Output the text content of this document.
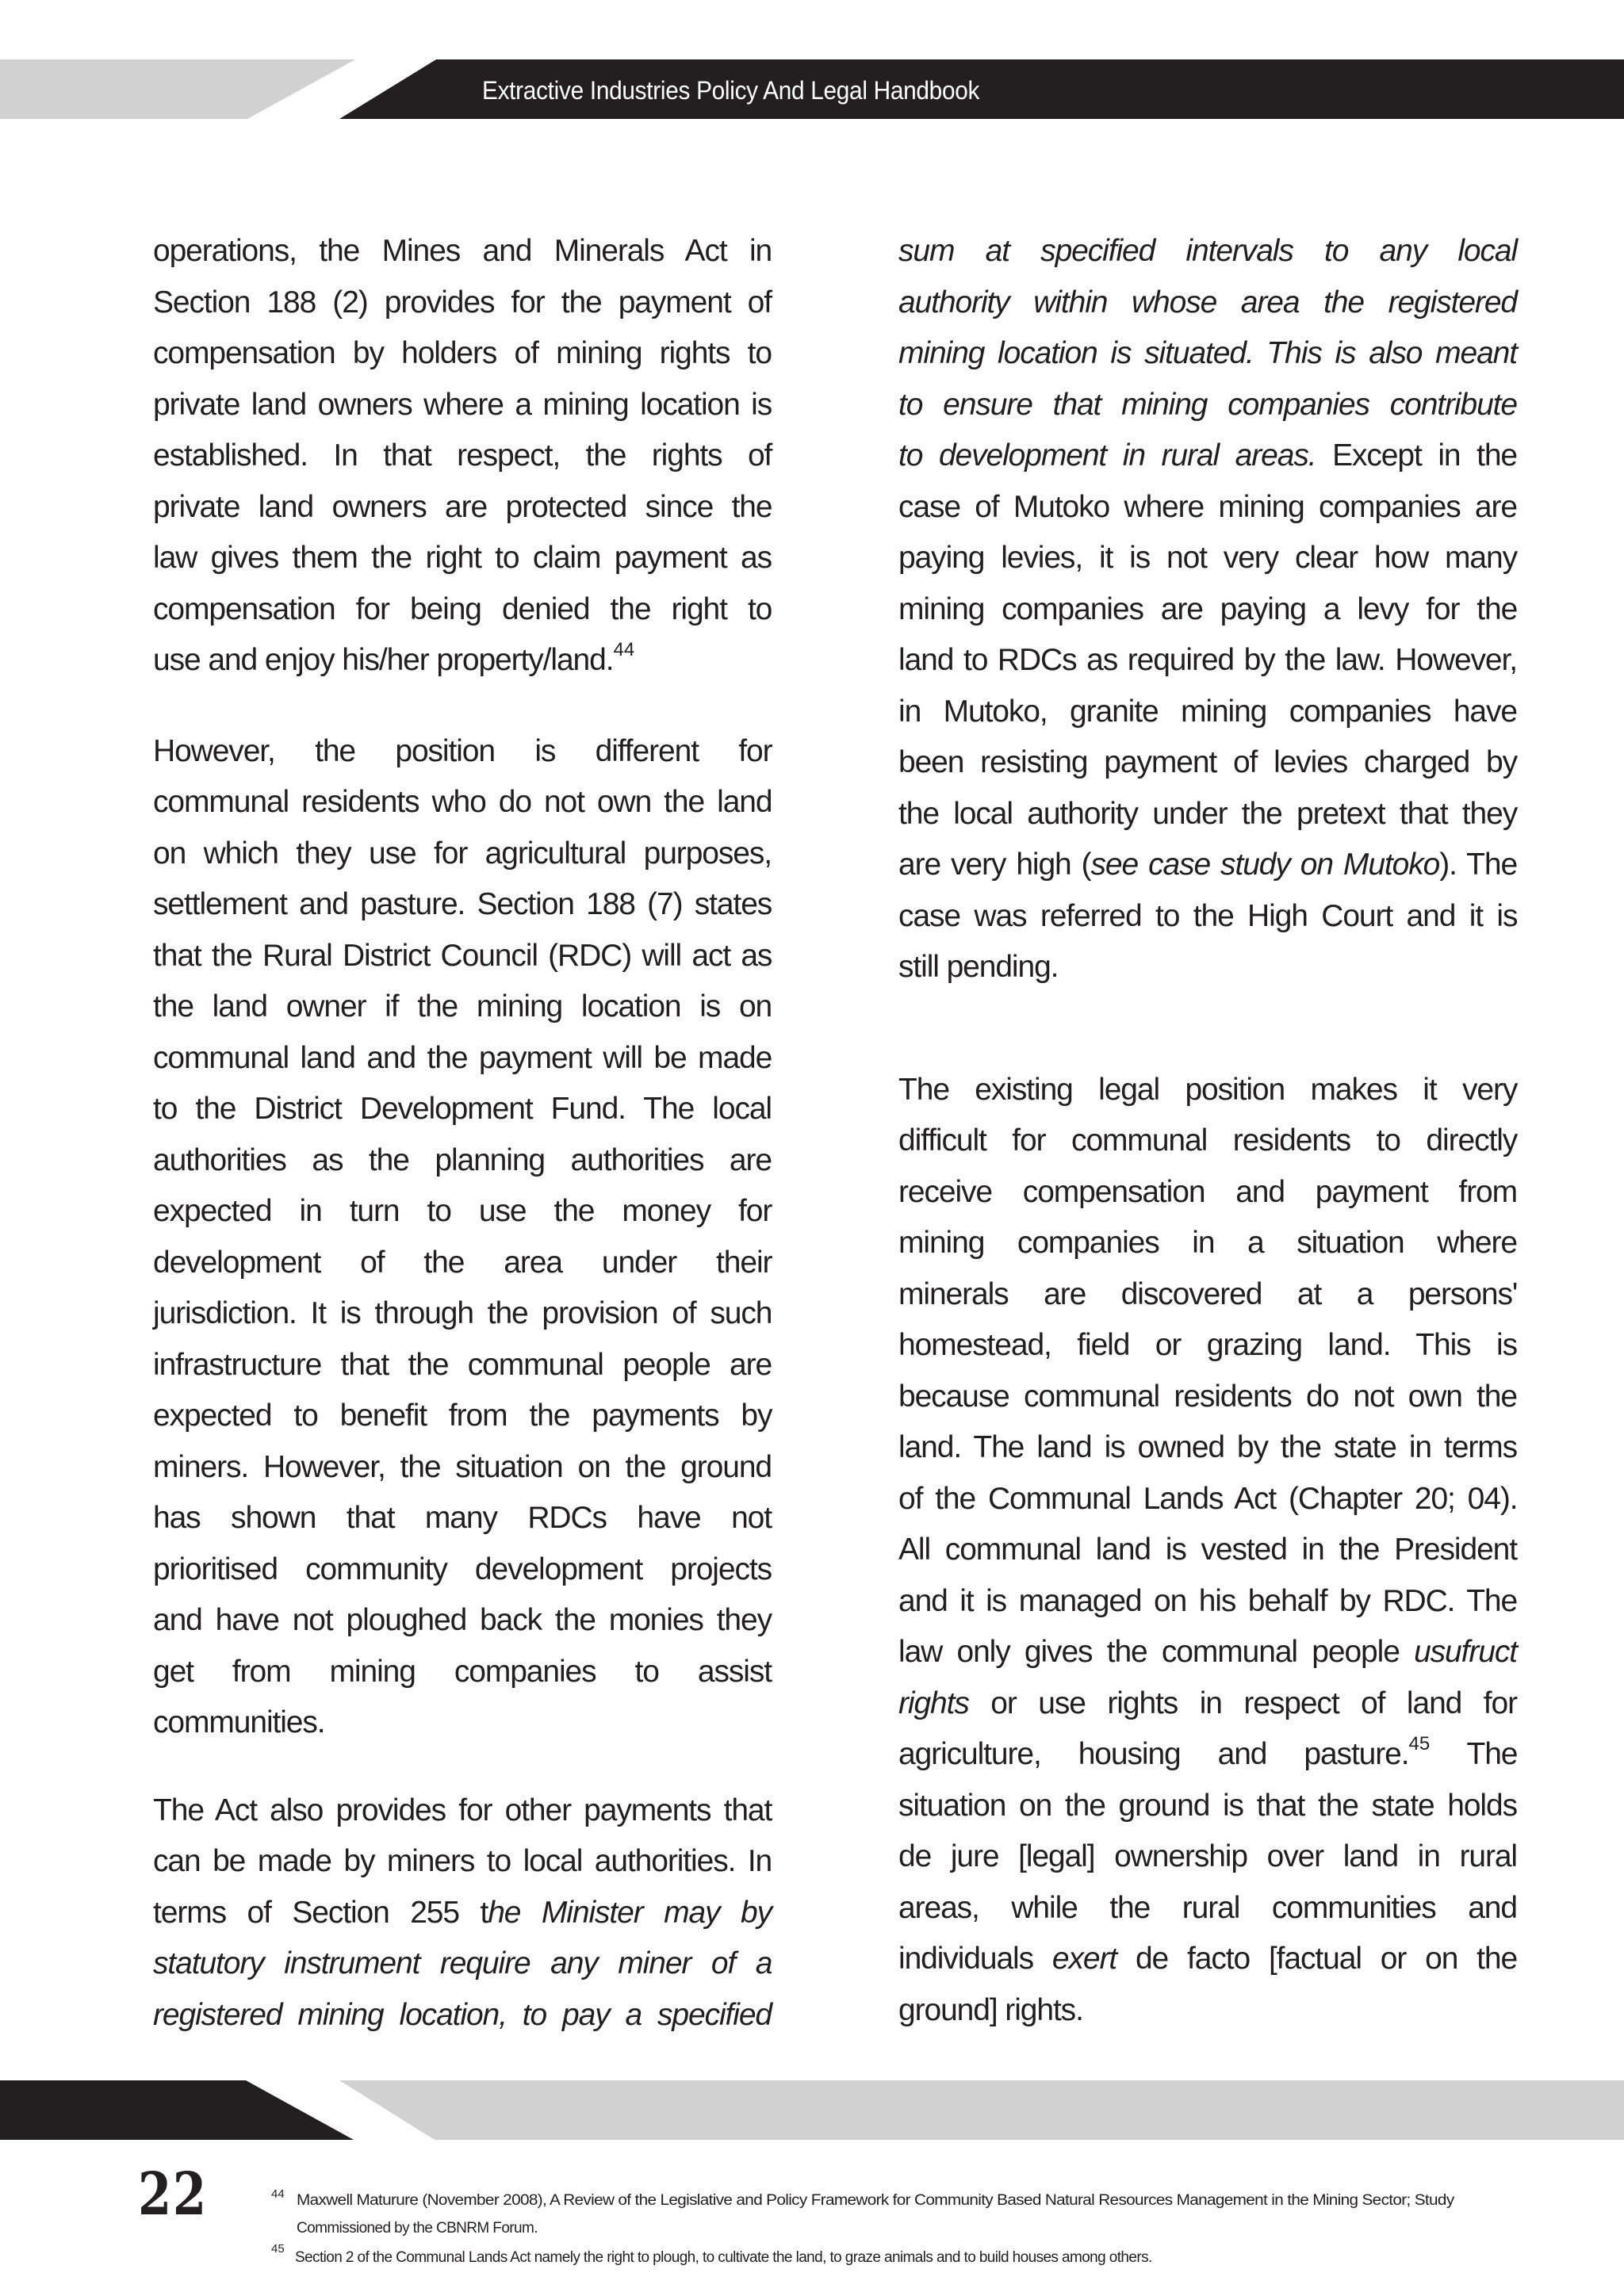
Extractive Industries Policy And Legal Handbook
operations, the Mines and Minerals Act in
Section 188 (2) provides for the payment of
compensation by holders of mining rights to
private land owners where a mining location is
established. In that respect, the rights of
private land owners are protected since the
law gives them the right to claim payment as
compensation for being denied the right to
use and enjoy his/her property/land.$^{44}$
However, the position is different for
communal residents who do not own the land
on which they use for agricultural purposes,
settlement and pasture. Section 188 (7) states
that the Rural District Council (RDC) will act as
the land owner if the mining location is on
communal land and the payment will be made
to the District Development Fund. The local
authorities as the planning authorities are
expected in turn to use the money for
development of the area under their
jurisdiction. It is through the provision of such
infrastructure that the communal people are
expected to benefit from the payments by
miners. However, the situation on the ground
has shown that many RDCs have not
prioritised community development projects
and have not ploughed back the monies they
get from mining companies to assist
communities.
The Act also provides for other payments that
can be made by miners to local authorities. In
terms of Section 255 the Minister may by
statutory instrument require any miner of a
registered mining location, to pay a specified
sum at specified intervals to any local
authority within whose area the registered
mining location is situated. This is also meant
to ensure that mining companies contribute
to development in rural areas. Except in the
case of Mutoko where mining companies are
paying levies, it is not very clear how many
mining companies are paying a levy for the
land to RDCs as required by the law. However,
in Mutoko, granite mining companies have
been resisting payment of levies charged by
the local authority under the pretext that they
are very high (see case study on Mutoko). The
case was referred to the High Court and it is
still pending.
The existing legal position makes it very
difficult for communal residents to directly
receive compensation and payment from
mining companies in a situation where
minerals are discovered at a persons'
homestead, field or grazing land. This is
because communal residents do not own the
land. The land is owned by the state in terms
of the Communal Lands Act (Chapter 20; 04).
All communal land is vested in the President
and it is managed on his behalf by RDC. The
law only gives the communal people usufruct
rights or use rights in respect of land for
agriculture, housing and pasture.$^{45}$ The
situation on the ground is that the state holds
de jure [legal] ownership over land in rural
areas, while the rural communities and
individuals exert de facto [factual or on the
ground] rights.
22	44 Maxwell Maturure (November 2008), A Review of the Legislative and Policy Framework for Community Based Natural Resources Management in the Mining Sector; Study
Commissioned by the CBNRM Forum.
45
Section 2 of the Communal Lands Act namely the right to plough, to cultivate the land, to graze animals and to build houses among others.
